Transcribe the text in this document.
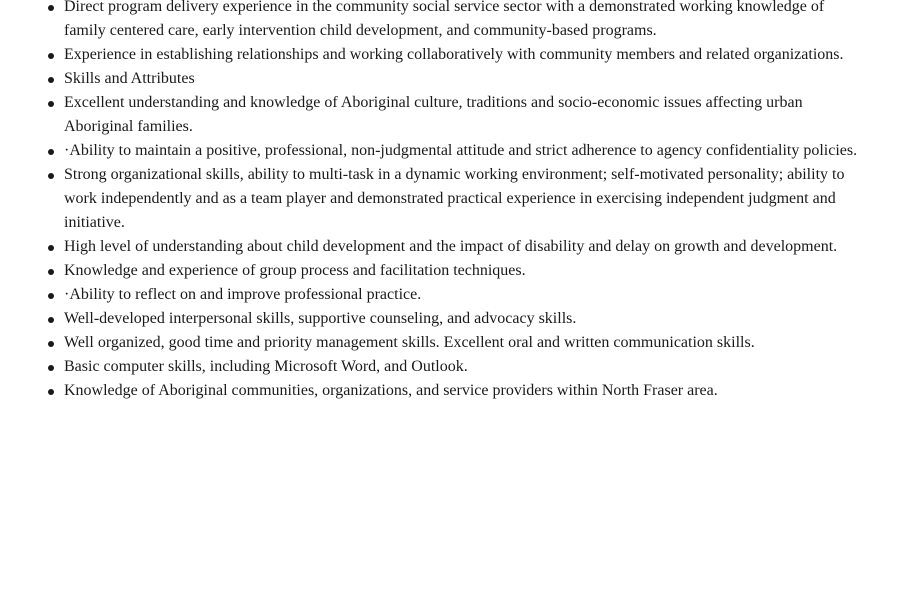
Direct program delivery experience in the community social service sector with a demonstrated working knowledge of family centered care, early intervention child development, and community-based programs.
Experience in establishing relationships and working collaboratively with community members and related organizations.
Skills and Attributes
Excellent understanding and knowledge of Aboriginal culture, traditions and socio-economic issues affecting urban Aboriginal families.
·Ability to maintain a positive, professional, non-judgmental attitude and strict adherence to agency confidentiality policies.
Strong organizational skills, ability to multi-task in a dynamic working environment; self-motivated personality; ability to work independently and as a team player and demonstrated practical experience in exercising independent judgment and initiative.
High level of understanding about child development and the impact of disability and delay on growth and development.
Knowledge and experience of group process and facilitation techniques.
·Ability to reflect on and improve professional practice.
Well-developed interpersonal skills, supportive counseling, and advocacy skills.
Well organized, good time and priority management skills. Excellent oral and written communication skills.
Basic computer skills, including Microsoft Word, and Outlook.
Knowledge of Aboriginal communities, organizations, and service providers within North Fraser area.
